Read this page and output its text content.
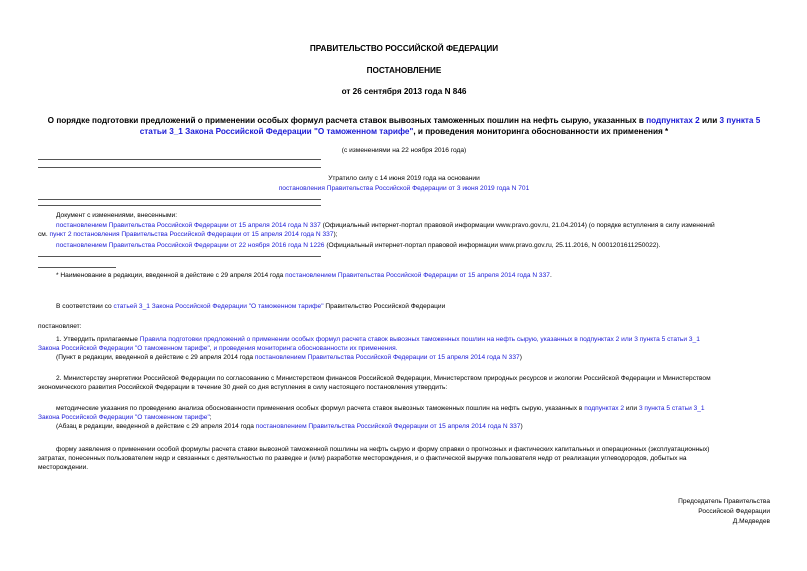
ПРАВИТЕЛЬСТВО РОССИЙСКОЙ ФЕДЕРАЦИИ
ПОСТАНОВЛЕНИЕ
от 26 сентября 2013 года N 846
О порядке подготовки предложений о применении особых формул расчета ставок вывозных таможенных пошлин на нефть сырую, указанных в подпунктах 2 или 3 пункта 5 статьи 3_1 Закона Российской Федерации "О таможенном тарифе", и проведения мониторинга обоснованности их применения *
(с изменениями на 22 ноября 2016 года)
Утратило силу с 14 июня 2019 года на основании
постановления Правительства Российской Федерации от 3 июня 2019 года N 701
Документ с изменениями, внесенными:
постановлением Правительства Российской Федерации от 15 апреля 2014 года N 337 (Официальный интернет-портал правовой информации www.pravo.gov.ru, 21.04.2014) (о порядке вступления в силу изменений
см. пункт 2 постановления Правительства Российской Федерации от 15 апреля 2014 года N 337);
постановлением Правительства Российской Федерации от 22 ноября 2016 года N 1226 (Официальный интернет-портал правовой информации www.pravo.gov.ru, 25.11.2016, N 0001201611250022).
* Наименование в редакции, введенной в действие с 29 апреля 2014 года постановлением Правительства Российской Федерации от 15 апреля 2014 года N 337.
В соответствии со статьей 3_1 Закона Российской Федерации "О таможенном тарифе" Правительство Российской Федерации
постановляет:
1. Утвердить прилагаемые Правила подготовки предложений о применении особых формул расчета ставок вывозных таможенных пошлин на нефть сырую, указанных в подпунктах 2 или 3 пункта 5 статьи 3_1
Закона Российской Федерации "О таможенном тарифе", и проведения мониторинга обоснованности их применения.
(Пункт в редакции, введенной в действие с 29 апреля 2014 года постановлением Правительства Российской Федерации от 15 апреля 2014 года N 337)
2. Министерству энергетики Российской Федерации по согласованию с Министерством финансов Российской Федерации, Министерством природных ресурсов и экологии Российской Федерации и Министерством
экономического развития Российской Федерации в течение 30 дней со дня вступления в силу настоящего постановления утвердить:
методические указания по проведению анализа обоснованности применения особых формул расчета ставок вывозных таможенных пошлин на нефть сырую, указанных в подпунктах 2 или 3 пункта 5 статьи 3_1
Закона Российской Федерации "О таможенном тарифе";
(Абзац в редакции, введенной в действие с 29 апреля 2014 года постановлением Правительства Российской Федерации от 15 апреля 2014 года N 337)
форму заявления о применении особой формулы расчета ставки вывозной таможенной пошлины на нефть сырую и форму справки о прогнозных и фактических капитальных и операционных (эксплуатационных)
затратах, понесенных пользователем недр и связанных с деятельностью по разведке и (или) разработке месторождения, и о фактической выручке пользователя недр от реализации углеводородов, добытых на
месторождении.
Председатель Правительства
Российской Федерации
Д.Медведев
